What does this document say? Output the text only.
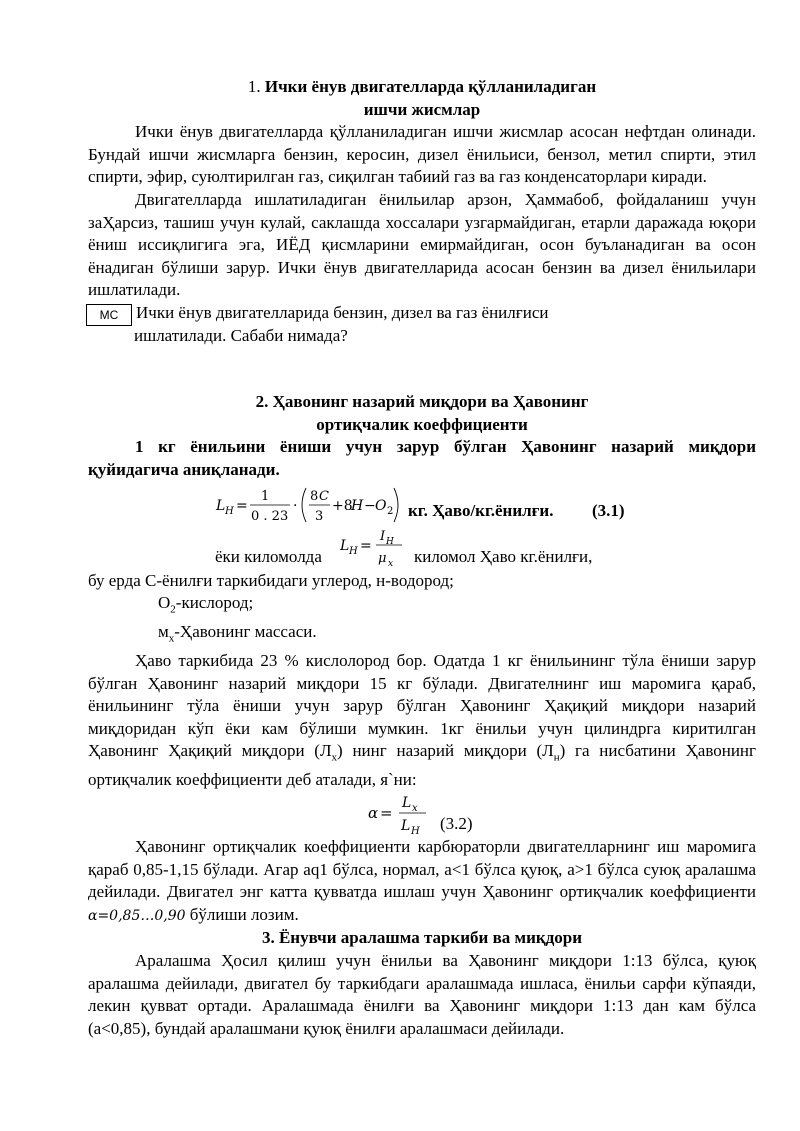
1. Ички ёнув двигателларда қўлланиладиган

ишчи жисмлар

Ички ёнув двигателларда қўлланиладиган ишчи жисмлар асосан нефтдан олинади. Бундай ишчи жисмларга бензин, керосин, дизел ёнильиси, бензол, метил спирти, этил спирти, эфир, суюлтирилган газ, сиқилган табиий газ ва газ конденсаторлари киради.

Двигателларда ишлатиладиган ёнильилар арзон, Ҳаммабоб, фойдаланиш учун заҲарсиз, ташиш учун кулай, саклашда хоссалари узгармайдиган, етарли даражада юқори ёниш иссиқлигига эга, ИЁД қисмларини емирмайдиган, осон буъланадиган ва осон ёнадиган бўлиши зарур. Ички ёнув двигателларида асосан бензин ва дизел ёнильилари ишлатилади.

МС	Ички ёнув двигателларида бензин, дизел ва газ ёнилғиси

ишлатилади. Сабаби нимада?

2. Ҳавонинг назарий миқдори ва Ҳавонинг

ортиқчалик коеффициенти

1 кг ёнильини ёниши учун зарур бўлган Ҳавонинг назарий миқдори қуйидагича аниқланади.

L H =
1
0 . 23
·
8 C
3
+8
H − O 2 кг. Ҳаво/кг.ёнилғи. (3.1)
ёки киломолда
L H =
I H
μ x киломол Ҳаво кг.ёнилғи,

бу ерда С-ёнилғи таркибидаги углерод, н-водород;

$О_2$-кислород;

$м_х$-Ҳавонинг массаси.

Ҳаво таркибида 23 % кислолород бор. Одатда 1 кг ёнильининг тўла ёниши зарур бўлган Ҳавонинг назарий миқдори 15 кг бўлади. Двигателнинг иш маромига қараб, ёнильининг тўла ёниши учун зарур бўлган Ҳавонинг Ҳақиқий миқдори назарий миқдоридан кўп ёки кам бўлиши мумкин. 1кг ёнильи учун цилиндрга киритилган Ҳавонинг Ҳақиқий миқдори $(Л_х)$ нинг назарий миқдори $(Л_н)$ га нисбатини Ҳавонинг ортиқчалик коеффициенти деб аталади, я`ни:

α =
L x
L H (3.2)

Ҳавонинг ортиқчалик коеффициенти карбюраторли двигателларнинг иш маромига қараб 0,85-1,15 бўлади. Агар аq1 бўлса, нормал, а<1 бўлса қуюқ, а>1 бўлса суюқ аралашма дейилади. Двигател энг катта қувватда ишлаш учун Ҳавонинг ортиқчалик коеффициенти α=0,85…0,90 бўлиши лозим.

3. Ёнувчи аралашма таркиби ва миқдори

Аралашма Ҳосил қилиш учун ёнильи ва Ҳавонинг миқдори 1:13 бўлса, қуюқ аралашма дейилади, двигател бу таркибдаги аралашмада ишласа, ёнильи сарфи кўпаяди, лекин қувват ортади. Аралашмада ёнилғи ва Ҳавонинг миқдори 1:13 дан кам бўлса (а<0,85), бундай аралашмани қуюқ ёнилғи аралашмаси дейилади.
